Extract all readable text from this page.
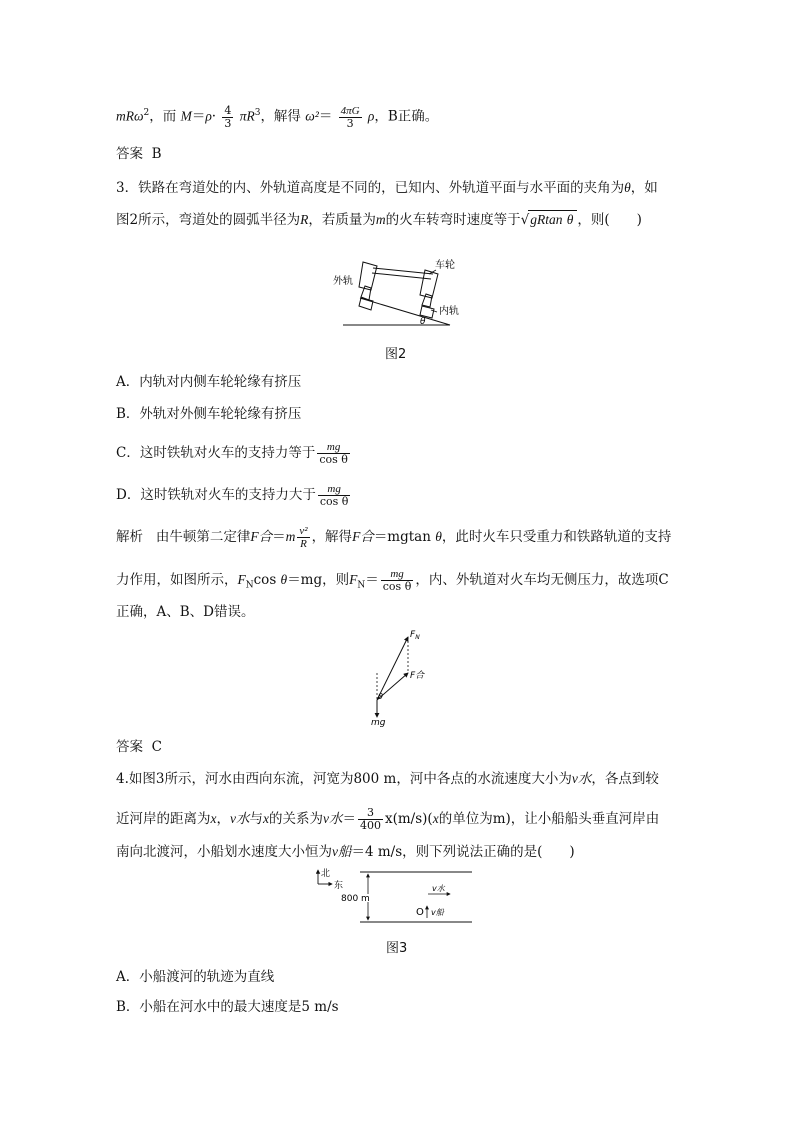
mRω$^2$，而 $M=\rho\cdot \frac{4}{3} \pi R^3$，解得 $\omega^2= \frac{4\pi G}{3}$ ρ，B正确。
答案 B
3．铁路在弯道处的内、外轨道高度是不同的，已知内、外轨道平面与水平面的夹角为θ，如
图2所示，弯道处的圆弧半径为R，若质量为m的火车转弯时速度等于√gRtan θ ，则(　　)
外轨
车轮
内轨
θ
图2
A．内轨对内侧车轮轮缘有挤压
B．外轨对外侧车轮轮缘有挤压
C．这时铁轨对火车的支持力等于 $\frac{mg}{\text{cos θ}}$
D．这时铁轨对火车的支持力大于 $\frac{mg}{\text{cos θ}}$
解析 由牛顿第二定律F合$=m \frac{\text{v²}}{R}$ ，解得F合＝mgtan θ，此时火车只受重力和铁路轨道的支持
力作用，如图所示，$F_N\cos$ θ＝mg，则$F_N= \frac{mg}{\text{cos θ}}$ ，内、外轨道对火车均无侧压力，故选项C
正确，A、B、D错误。
$F_N$
F合
θ
mg
答案 C
4.如图3所示，河水由西向东流，河宽为800 m，河中各点的水流速度大小为v水，各点到较
近河岸的距离为x，v水与x的关系为v水＝ $\frac{3}{400} x(m/s)(x$的单位为m)，让小船船头垂直河岸由
南向北渡河，小船划水速度大小恒为v船＝4 m/s，则下列说法正确的是(　　)
北
东
800 m
v水
O v船
图3
A．小船渡河的轨迹为直线
B．小船在河水中的最大速度是5 m/s
